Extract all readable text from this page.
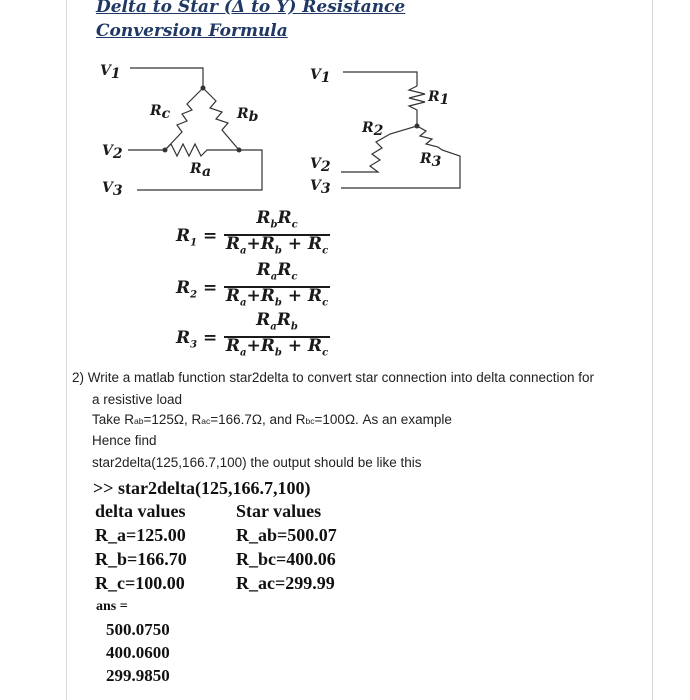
Delta to Star (Δ to Y) Resistance

Conversion Formula

V1
V2
V3
Rc	Rb
Ra
V1
V2
V3
R1
R2
R3
$R_1$ =
$R_bR_c$
$R_a+R_b + R_c$
$R_2$ =
$R_aR_c$
$R_a+R_b + R_c$
$R_3$ =
$R_aR_b$
$R_a+R_b + R_c$
2) Write a matlab function star2delta to convert star connection into delta connection for
a resistive load
Take Rab=125Ω, Rac=166.7Ω, and Rbc=100Ω. As an example
Hence find
star2delta(125,166.7,100) the output should be like this
>> star2delta(125,166.7,100)
delta values	Star values
R_a=125.00
R_b=166.70
R_c=100.00
R_ab=500.07
R_bc=400.06
R_ac=299.99
ans =
500.0750
400.0600
299.9850
